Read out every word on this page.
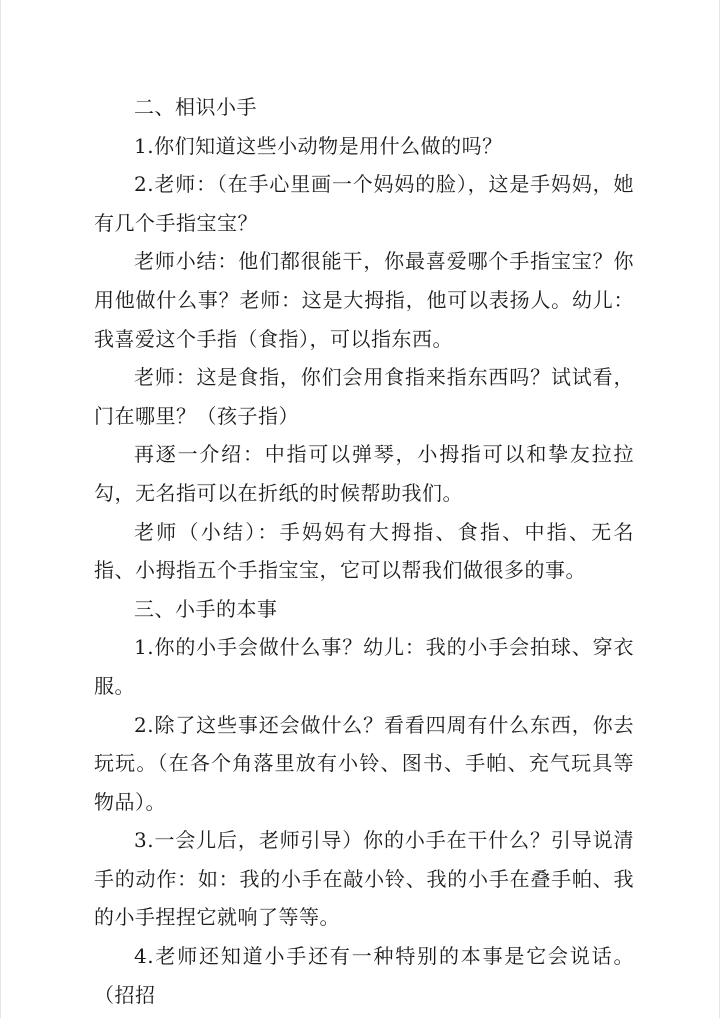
二、相识小手

1.你们知道这些小动物是用什么做的吗？

2.老师：（在手心里画一个妈妈的脸），这是手妈妈，她有几个手指宝宝？

老师小结：他们都很能干，你最喜爱哪个手指宝宝？你用他做什么事？老师：这是大拇指，他可以表扬人。幼儿：我喜爱这个手指（食指），可以指东西。

老师：这是食指，你们会用食指来指东西吗？试试看，门在哪里？（孩子指）

再逐一介绍：中指可以弹琴，小拇指可以和挚友拉拉勾，无名指可以在折纸的时候帮助我们。

老师（小结）：手妈妈有大拇指、食指、中指、无名指、小拇指五个手指宝宝，它可以帮我们做很多的事。

三、小手的本事

1.你的小手会做什么事？幼儿：我的小手会拍球、穿衣服。

2.除了这些事还会做什么？看看四周有什么东西，你去玩玩。（在各个角落里放有小铃、图书、手帕、充气玩具等物品）。

3.一会儿后，老师引导）你的小手在干什么？引导说清手的动作：如：我的小手在敲小铃、我的小手在叠手帕、我的小手捏捏它就响了等等。

4.老师还知道小手还有一种特别的本事是它会说话。（招招
